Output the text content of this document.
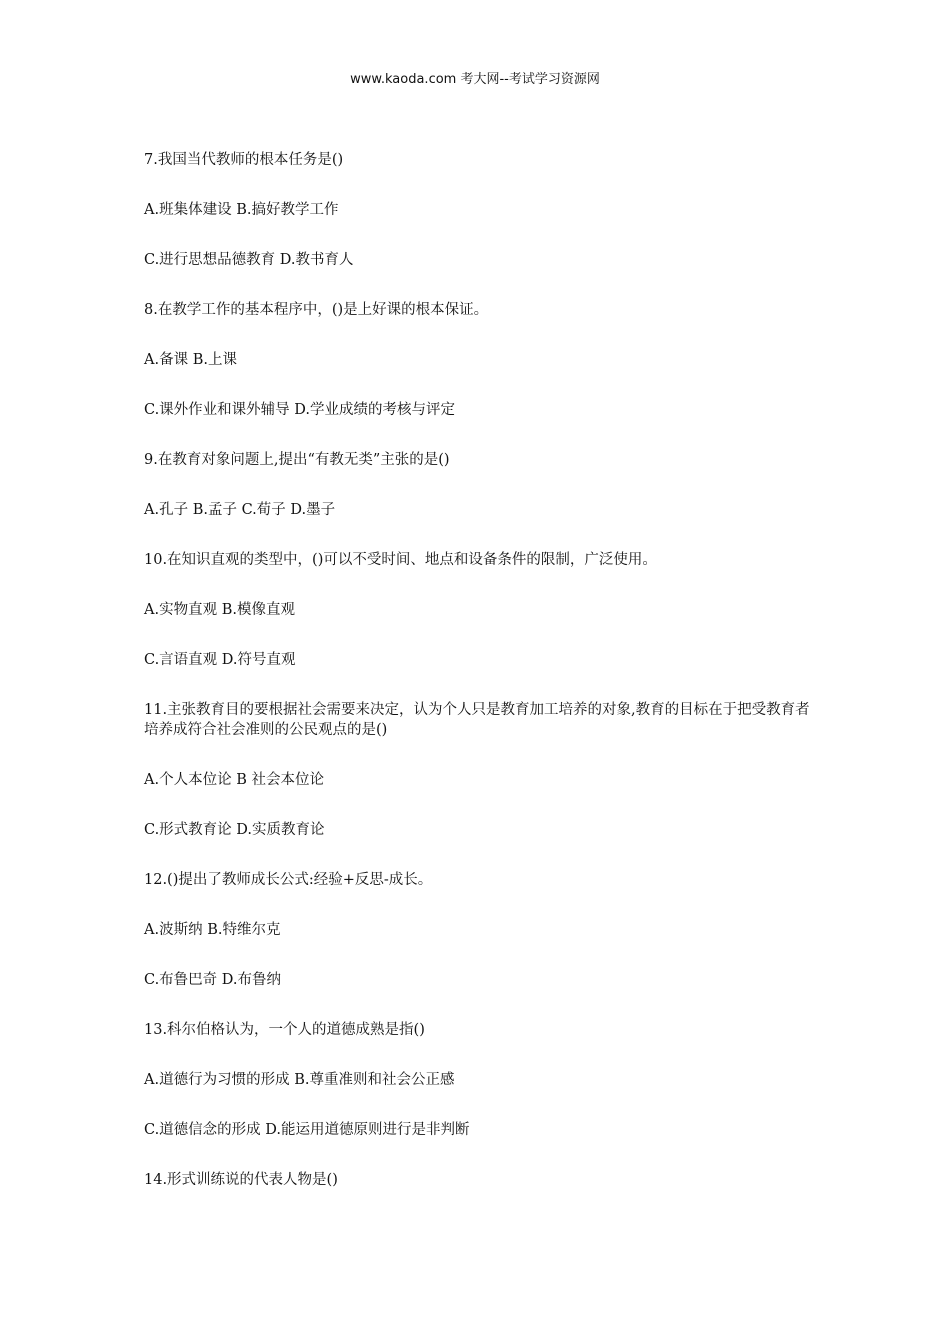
www.kaoda.com 考大网--考试学习资源网

7.我国当代教师的根本任务是()

A.班集体建设 B.搞好教学工作

C.进行思想品德教育 D.教书育人

8.在教学工作的基本程序中，()是上好课的根本保证。

A.备课 B.上课

C.课外作业和课外辅导 D.学业成绩的考核与评定

9.在教育对象问题上,提出“有教无类”主张的是()

A.孔子 B.孟子 C.荀子 D.墨子

10.在知识直观的类型中，()可以不受时间、地点和设备条件的限制，广泛使用。

A.实物直观 B.模像直观

C.言语直观 D.符号直观

11.主张教育目的要根据社会需要来决定，认为个人只是教育加工培养的对象,教育的目标在于把受教育者培养成符合社会准则的公民观点的是()

A.个人本位论 B 社会本位论

C.形式教育论 D.实质教育论

12.()提出了教师成长公式:经验+反思-成长。

A.波斯纳 B.特维尔克

C.布鲁巴奇 D.布鲁纳

13.科尔伯格认为，一个人的道德成熟是指()

A.道德行为习惯的形成 B.尊重准则和社会公正感

C.道德信念的形成 D.能运用道德原则进行是非判断

14.形式训练说的代表人物是()
